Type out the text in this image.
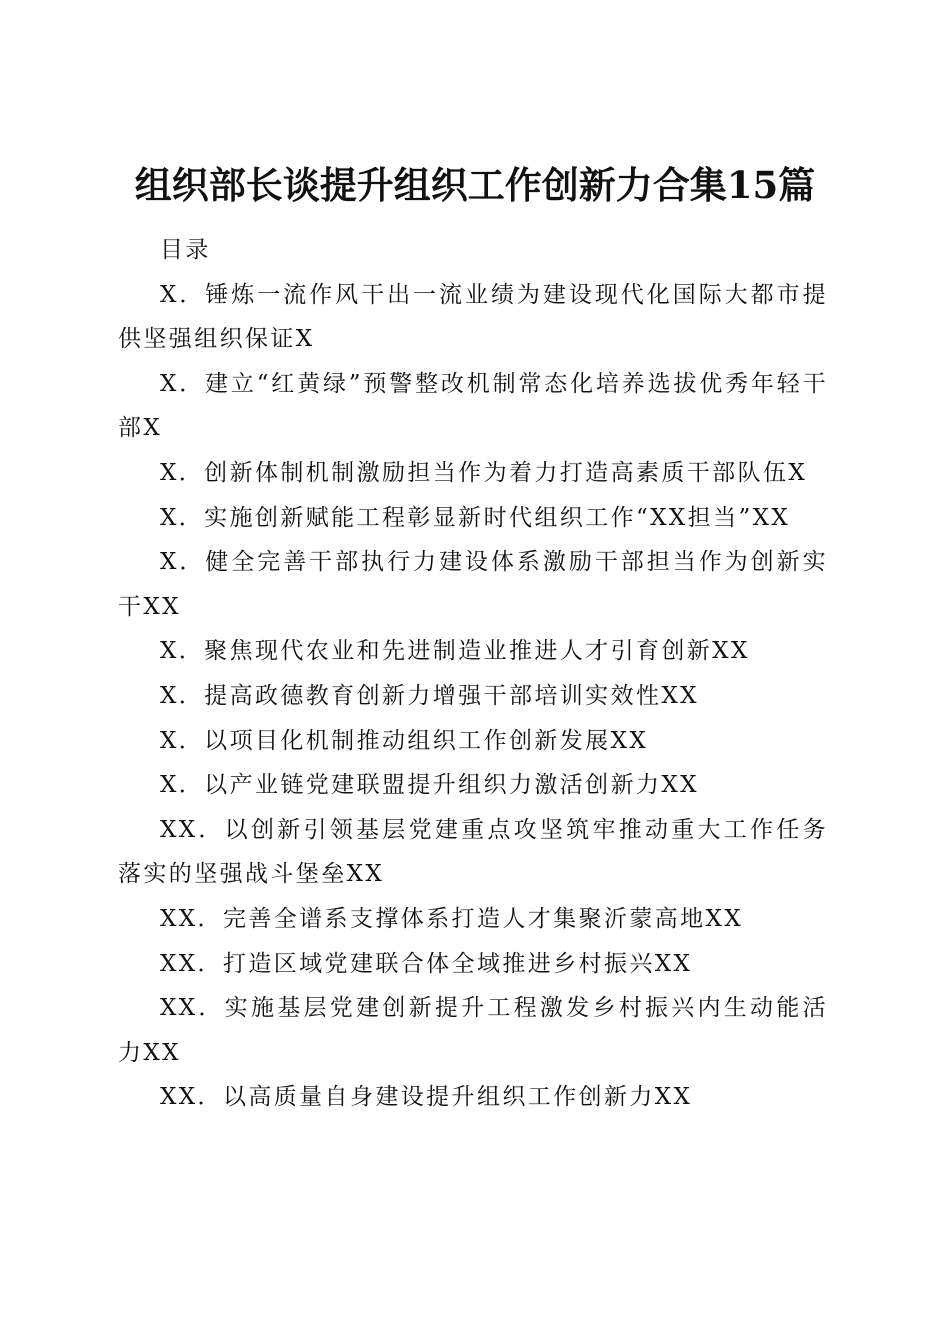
组织部长谈提升组织工作创新力合集15篇

目录

X．锤炼一流作风干出一流业绩为建设现代化国际大都市提供坚强组织保证X

X．建立“红黄绿”预警整改机制常态化培养选拔优秀年轻干部X

X．创新体制机制激励担当作为着力打造高素质干部队伍X

X．实施创新赋能工程彰显新时代组织工作“XX担当”XX

X．健全完善干部执行力建设体系激励干部担当作为创新实干XX

X．聚焦现代农业和先进制造业推进人才引育创新XX

X．提高政德教育创新力增强干部培训实效性XX

X．以项目化机制推动组织工作创新发展XX

X．以产业链党建联盟提升组织力激活创新力XX

XX．以创新引领基层党建重点攻坚筑牢推动重大工作任务落实的坚强战斗堡垒XX

XX．完善全谱系支撑体系打造人才集聚沂蒙高地XX

XX．打造区域党建联合体全域推进乡村振兴XX

XX．实施基层党建创新提升工程激发乡村振兴内生动能活力XX

XX．以高质量自身建设提升组织工作创新力XX
